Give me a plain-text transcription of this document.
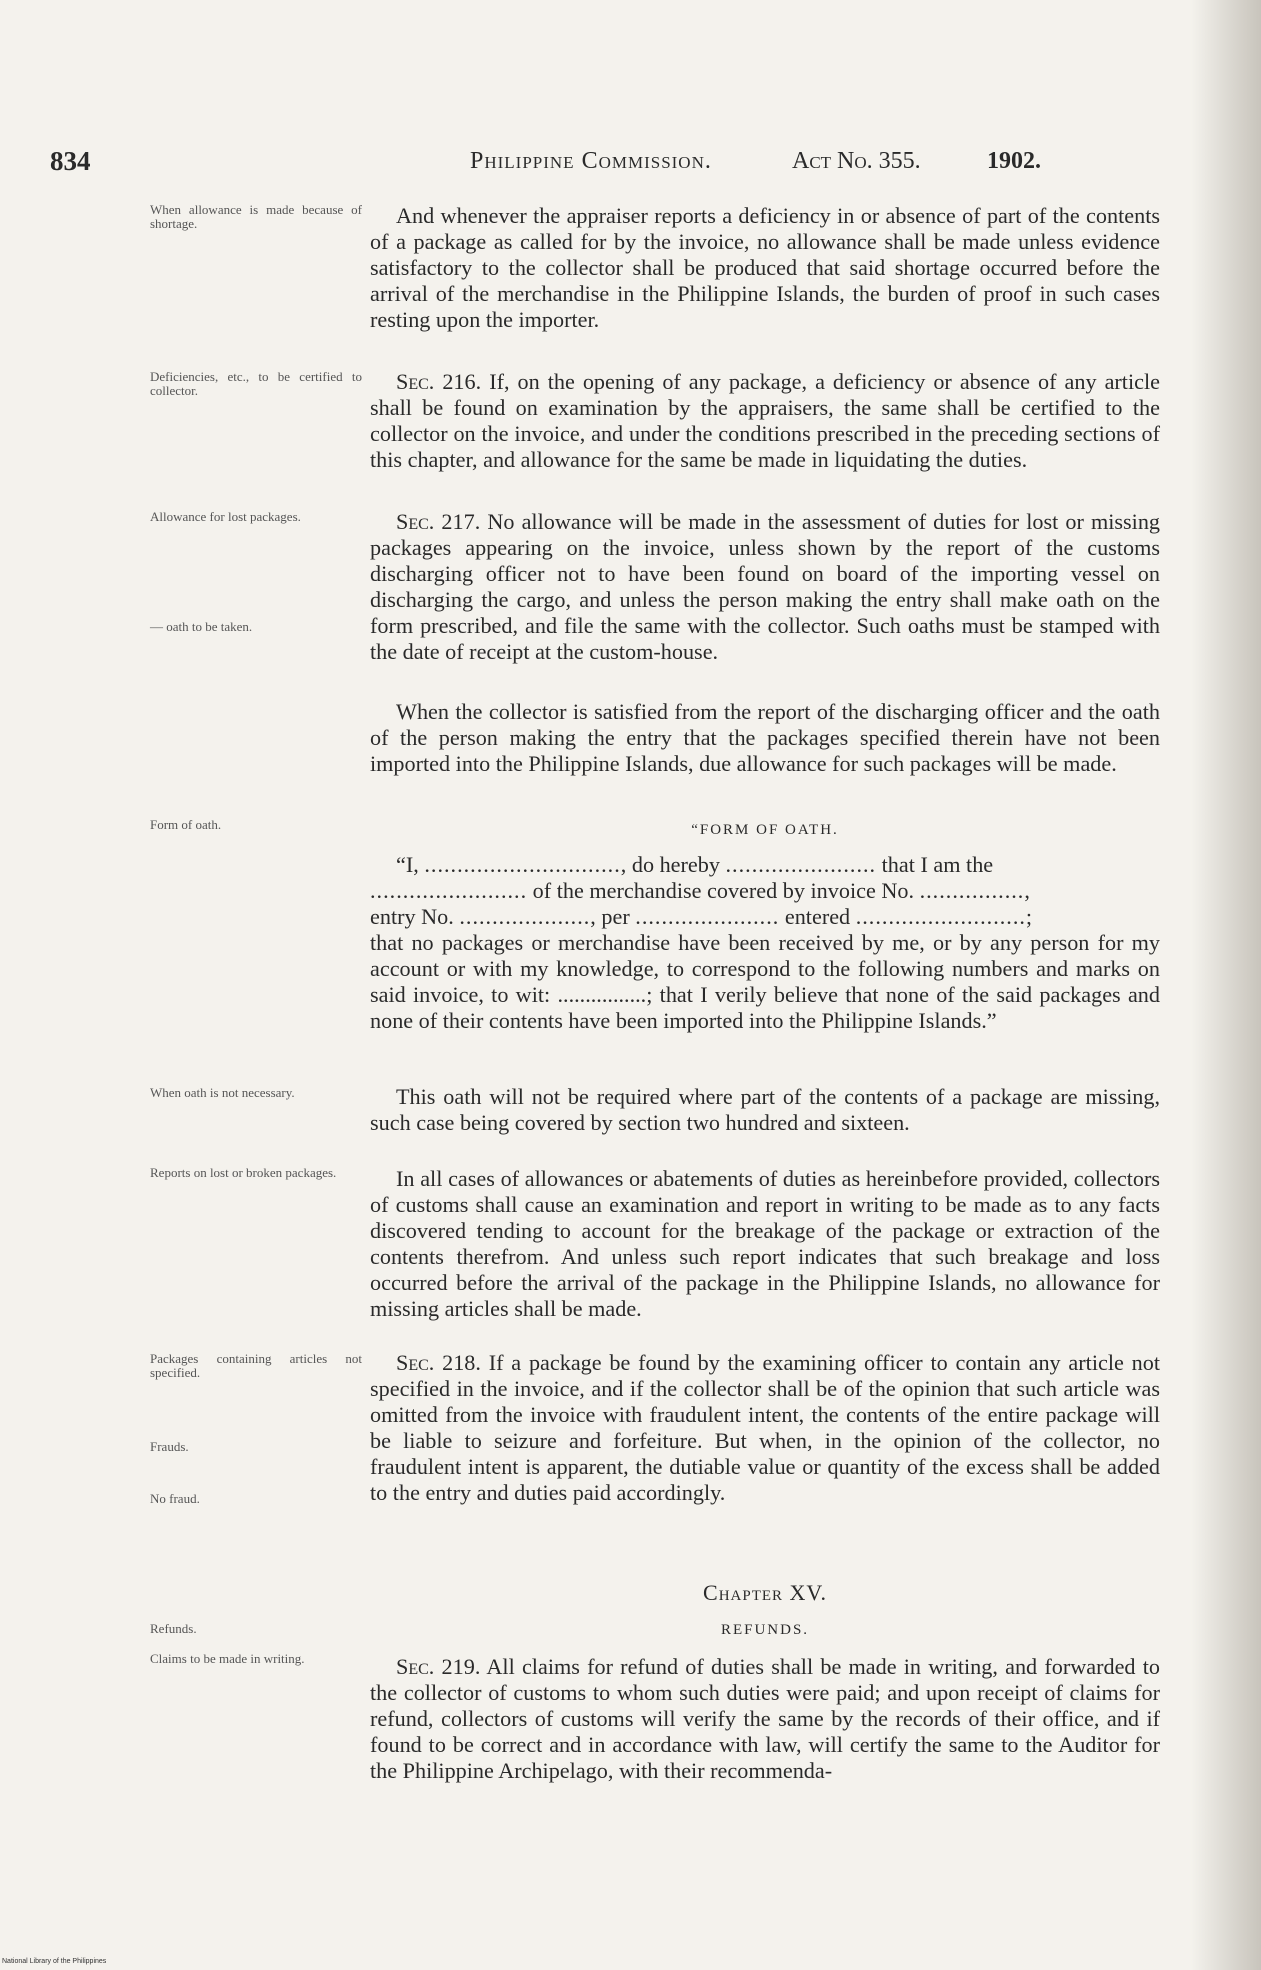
834	Philippine Commission.	Act No. 355.	1902.
When allowance is made because of shortage.
Deficiencies, etc., to be certified to collector.
Allowance for lost packages.
— oath to be taken.
Form of oath.
When oath is not necessary.
Reports on lost or broken packages.
Packages containing articles not specified.
Frauds.
No fraud.
Refunds.
Claims to be made in writing.
And whenever the appraiser reports a deficiency in or absence of part of the contents of a package as called for by the invoice, no allowance shall be made unless evidence satisfactory to the collector shall be produced that said shortage occurred before the arrival of the merchandise in the Philippine Islands, the burden of proof in such cases resting upon the importer.
Sec. 216. If, on the opening of any package, a deficiency or absence of any article shall be found on examination by the appraisers, the same shall be certified to the collector on the invoice, and under the conditions prescribed in the preceding sections of this chapter, and allowance for the same be made in liquidating the duties.
Sec. 217. No allowance will be made in the assessment of duties for lost or missing packages appearing on the invoice, unless shown by the report of the customs discharging officer not to have been found on board of the importing vessel on discharging the cargo, and unless the person making the entry shall make oath on the form prescribed, and file the same with the collector. Such oaths must be stamped with the date of receipt at the custom-house.
When the collector is satisfied from the report of the discharging officer and the oath of the person making the entry that the packages specified therein have not been imported into the Philippine Islands, due allowance for such packages will be made.
“FORM OF OATH.
“I, .............................., do hereby ....................... that I am the
........................ of the merchandise covered by invoice No. ................,
entry No. ...................., per ...................... entered ..........................;
that no packages or merchandise have been received by me, or by any person for my account or with my knowledge, to correspond to the following numbers and marks on said invoice, to wit: ................; that I verily believe that none of the said packages and none of their contents have been imported into the Philippine Islands.”
This oath will not be required where part of the contents of a package are missing, such case being covered by section two hundred and sixteen.
In all cases of allowances or abatements of duties as hereinbefore provided, collectors of customs shall cause an examination and report in writing to be made as to any facts discovered tending to account for the breakage of the package or extraction of the contents therefrom. And unless such report indicates that such breakage and loss occurred before the arrival of the package in the Philippine Islands, no allowance for missing articles shall be made.
Sec. 218. If a package be found by the examining officer to contain any article not specified in the invoice, and if the collector shall be of the opinion that such article was omitted from the invoice with fraudulent intent, the contents of the entire package will be liable to seizure and forfeiture. But when, in the opinion of the collector, no fraudulent intent is apparent, the dutiable value or quantity of the excess shall be added to the entry and duties paid accordingly.
Chapter XV.
REFUNDS.
Sec. 219. All claims for refund of duties shall be made in writing, and forwarded to the collector of customs to whom such duties were paid; and upon receipt of claims for refund, collectors of customs will verify the same by the records of their office, and if found to be correct and in accordance with law, will certify the same to the Auditor for the Philippine Archipelago, with their recommenda-
National Library of the Philippines
